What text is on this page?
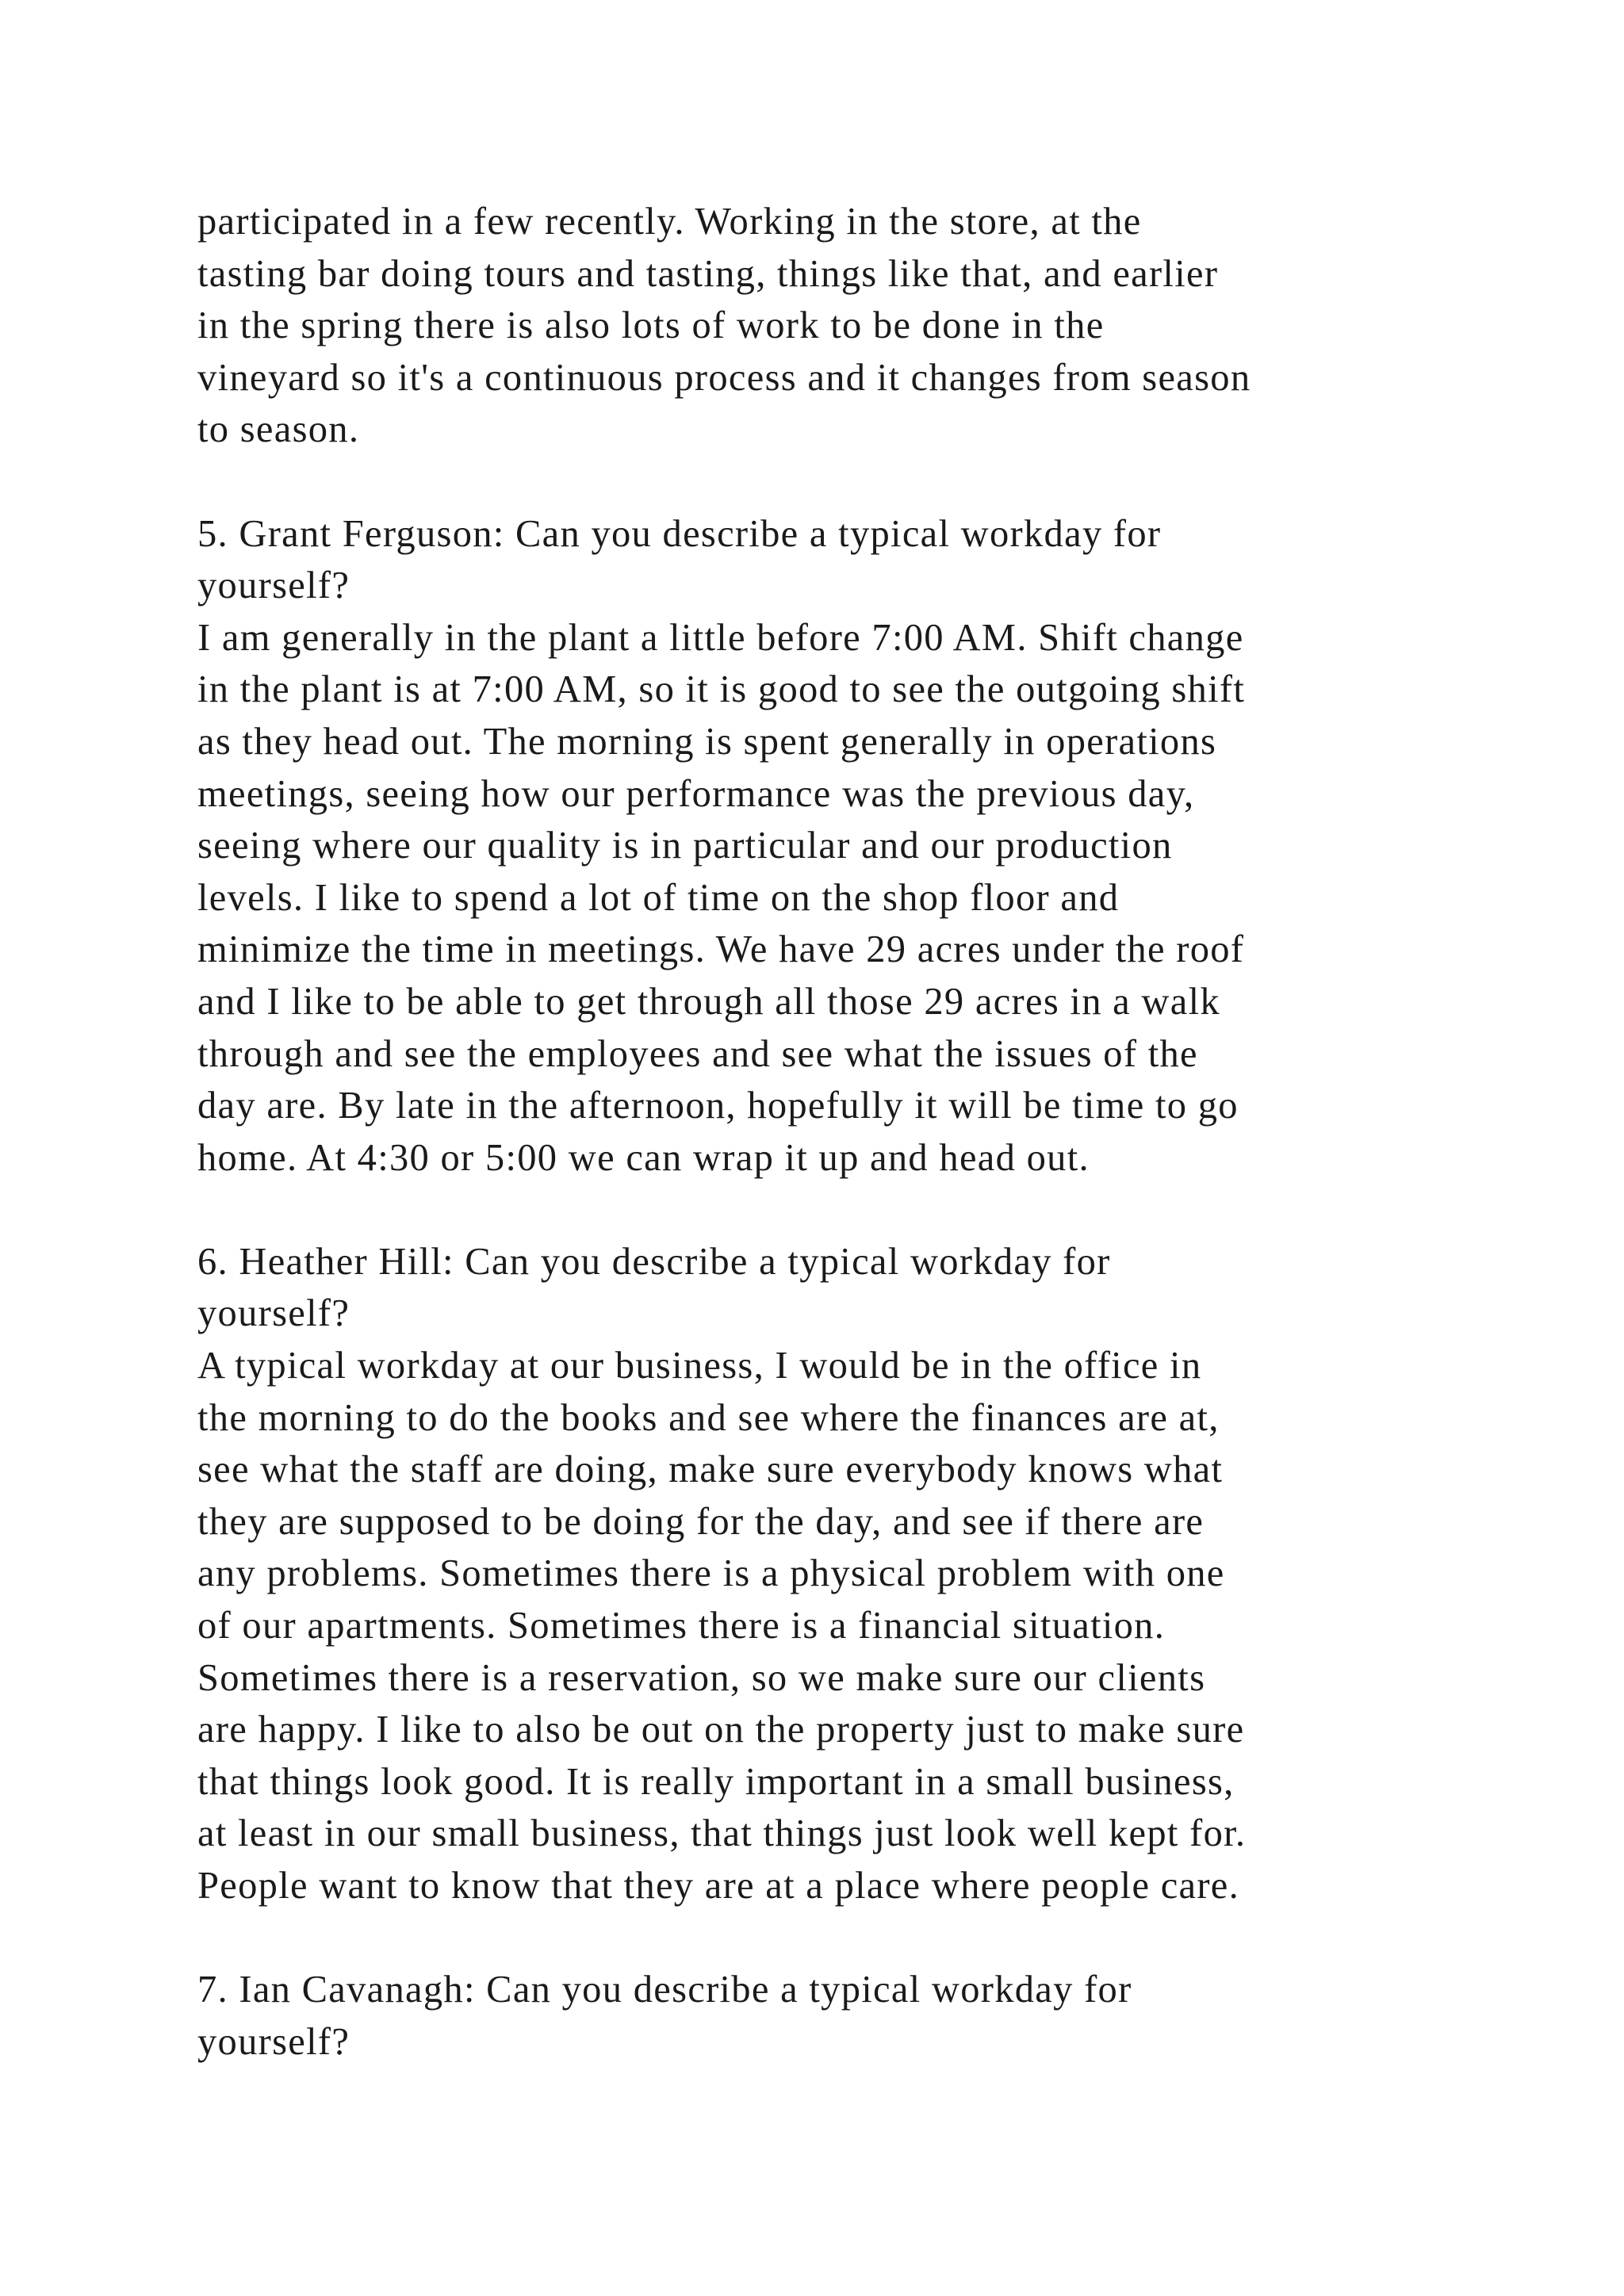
participated in a few recently. Working in the store, at the
tasting bar doing tours and tasting, things like that, and earlier
in the spring there is also lots of work to be done in the
vineyard so it's a continuous process and it changes from season
to season.
5. Grant Ferguson: Can you describe a typical workday for
yourself?
I am generally in the plant a little before 7:00 AM. Shift change
in the plant is at 7:00 AM, so it is good to see the outgoing shift
as they head out. The morning is spent generally in operations
meetings, seeing how our performance was the previous day,
seeing where our quality is in particular and our production
levels. I like to spend a lot of time on the shop floor and
minimize the time in meetings. We have 29 acres under the roof
and I like to be able to get through all those 29 acres in a walk
through and see the employees and see what the issues of the
day are. By late in the afternoon, hopefully it will be time to go
home. At 4:30 or 5:00 we can wrap it up and head out.
6. Heather Hill: Can you describe a typical workday for
yourself?
A typical workday at our business, I would be in the office in
the morning to do the books and see where the finances are at,
see what the staff are doing, make sure everybody knows what
they are supposed to be doing for the day, and see if there are
any problems. Sometimes there is a physical problem with one
of our apartments. Sometimes there is a financial situation.
Sometimes there is a reservation, so we make sure our clients
are happy. I like to also be out on the property just to make sure
that things look good. It is really important in a small business,
at least in our small business, that things just look well kept for.
People want to know that they are at a place where people care.
7. Ian Cavanagh: Can you describe a typical workday for
yourself?
